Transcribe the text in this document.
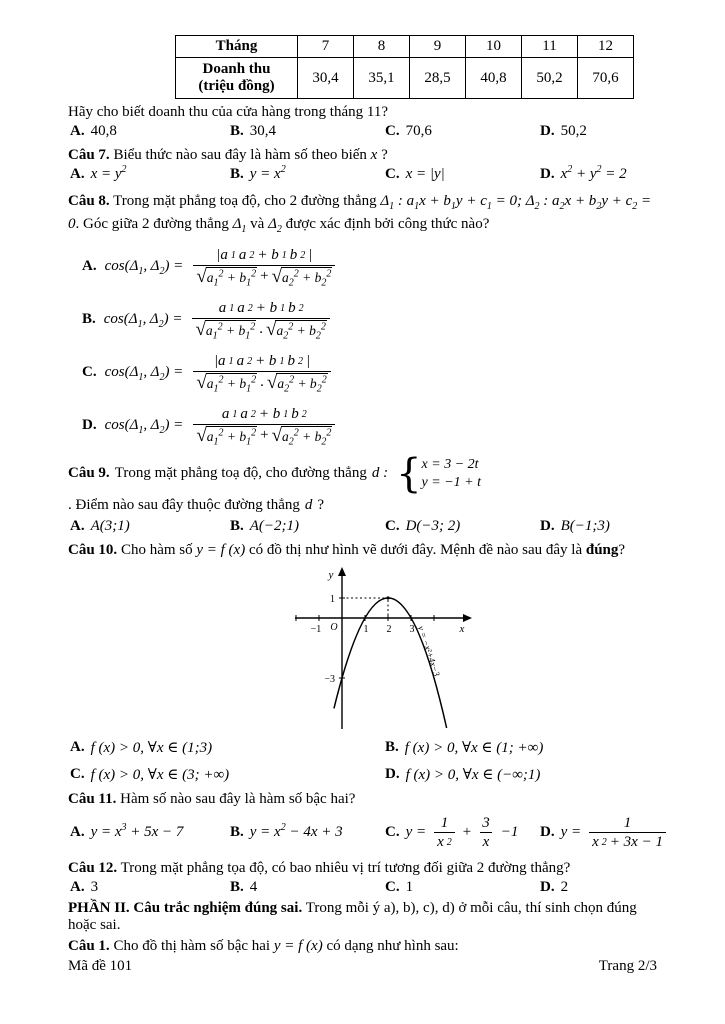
Tháng	7	8	9	10	11	12

Doanh thu
(triệu đồng)	30,4	35,1	28,5	40,8	50,2	70,6

Hãy cho biết doanh thu của cửa hàng trong tháng 11?

A. 40,8	B. 30,4	C. 70,6	D. 50,2

Câu 7. Biểu thức nào sau đây là hàm số theo biến x ?

A. $x = y^2$	B. $y = x^2$	C. x = |y|	D. $x^2 + y^2 = 2$

Câu 8. Trong mặt phẳng toạ độ, cho 2 đường thẳng $\Delta_1$ : $a_1x + b_1y + c_1 = 0$; $\Delta_2$ : $a_2x + b_2y + c_2 = 0$. Góc giữa 2 đường thẳng $\Delta_1$ và $\Delta_2$ được xác định bởi công thức nào?

A. $\cos(\Delta_1$, $\Delta_2) = \frac{|a 1 a 2 + b 1 b 2 |}{√ a_1^2 + b_1^2 + √ a_2^2 + b_2^2}$
B. $\cos(\Delta_1$, $\Delta_2) = \frac{a 1 a 2 + b 1 b 2}{√ a_1^2 + b_1^2 . √ a_2^2 + b_2^2}$
C. $\cos(\Delta_1$, $\Delta_2) = \frac{|a 1 a 2 + b 1 b 2 |}{√ a_1^2 + b_1^2 . √ a_2^2 + b_2^2}$
D. $\cos(\Delta_1$, $\Delta_2) = \frac{a 1 a 2 + b 1 b 2}{√ a_1^2 + b_1^2 + √ a_2^2 + b_2^2}$
Câu 9. Trong mặt phẳng toạ độ, cho đường thẳng d : { x = 3 − 2t
y = −1 + t
. Điểm nào sau đây thuộc đường thẳng d ?
A. A(3;1)	B. A(−2;1)	C. D(−3; 2)	D. B(−1;3)

Câu 10. Cho hàm số y = f (x) có đồ thị như hình vẽ dưới đây. Mệnh đề nào sau đây là đúng?

y
x
O
−1	1 2 3
1
−3
y = −x²+4x−3
A. f (x) > 0, ∀x ∈ (1;3)	B. f (x) > 0, ∀x ∈ (1; +∞)
C. f (x) > 0, ∀x ∈ (3; +∞)	D. f (x) > 0, ∀x ∈ (−∞;1)

Câu 11. Hàm số nào sau đây là hàm số bậc hai?

A. $y = x^3 + 5x - 7$	B. $y = x^2 - 4x + 3$	C. $y = \frac{1}{x 2} + \frac{3}{x} -1$ D. $y = \frac{1}{x 2 + 3x - 1}$

Câu 12. Trong mặt phẳng tọa độ, có bao nhiêu vị trí tương đối giữa 2 đường thẳng?

A. 3	B. 4	C. 1	D. 2

PHẦN II. Câu trắc nghiệm đúng sai. Trong mỗi ý a), b), c), d) ở mỗi câu, thí sinh chọn đúng hoặc sai.

Câu 1. Cho đồ thị hàm số bậc hai y = f (x) có dạng như hình sau:

Mã đề 101	Trang 2/3
